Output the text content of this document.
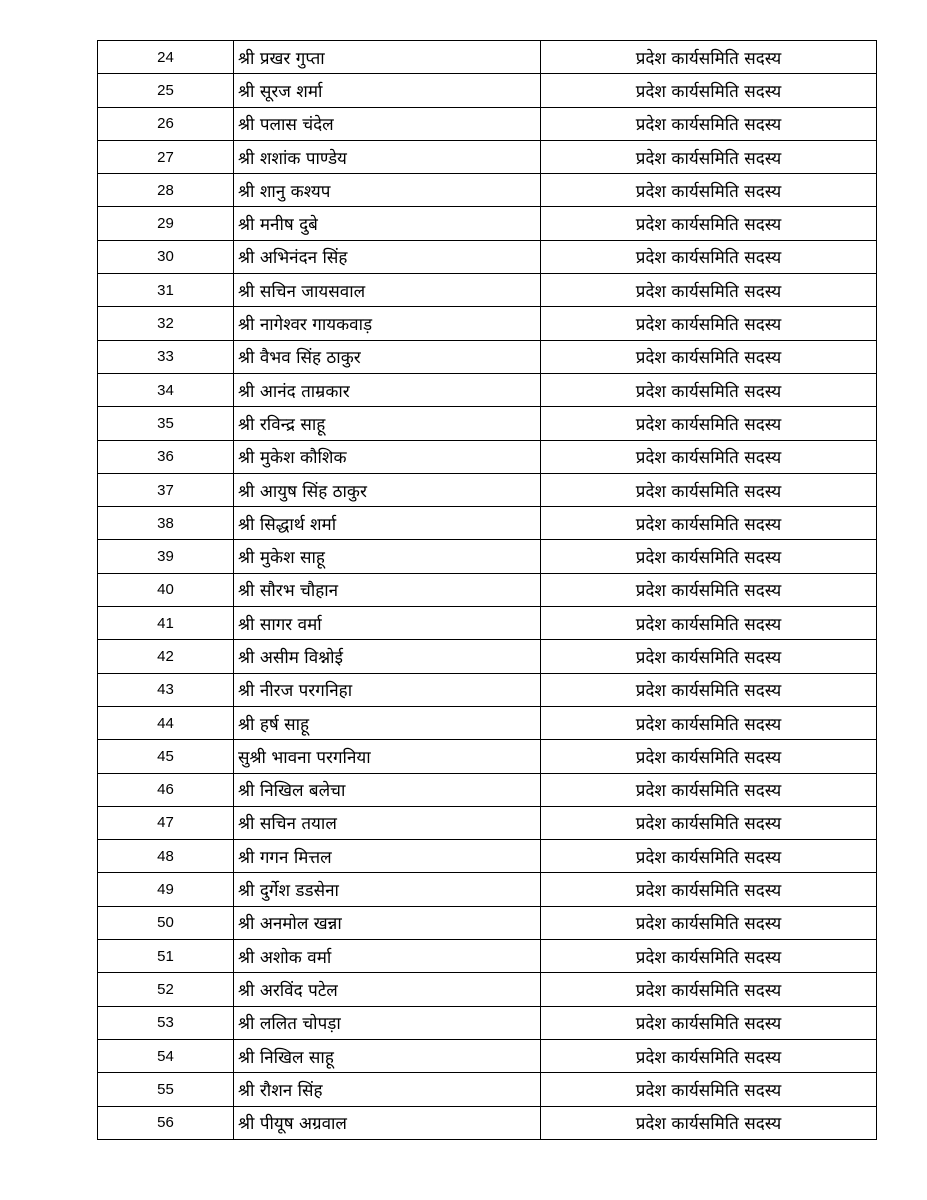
24	श्री प्रखर गुप्ता	प्रदेश कार्यसमिति सदस्य
25	श्री सूरज शर्मा	प्रदेश कार्यसमिति सदस्य
26	श्री पलास चंदेल	प्रदेश कार्यसमिति सदस्य
27	श्री शशांक पाण्डेय	प्रदेश कार्यसमिति सदस्य
28	श्री शानु कश्यप	प्रदेश कार्यसमिति सदस्य
29	श्री मनीष दुबे	प्रदेश कार्यसमिति सदस्य
30	श्री अभिनंदन सिंह	प्रदेश कार्यसमिति सदस्य
31	श्री सचिन जायसवाल	प्रदेश कार्यसमिति सदस्य
32	श्री नागेश्वर गायकवाड़	प्रदेश कार्यसमिति सदस्य
33	श्री वैभव सिंह ठाकुर	प्रदेश कार्यसमिति सदस्य
34	श्री आनंद ताम्रकार	प्रदेश कार्यसमिति सदस्य
35	श्री रविन्द्र साहू	प्रदेश कार्यसमिति सदस्य
36	श्री मुकेश कौशिक	प्रदेश कार्यसमिति सदस्य
37	श्री आयुष सिंह ठाकुर	प्रदेश कार्यसमिति सदस्य
38	श्री सिद्धार्थ शर्मा	प्रदेश कार्यसमिति सदस्य
39	श्री मुकेश साहू	प्रदेश कार्यसमिति सदस्य
40	श्री सौरभ चौहान	प्रदेश कार्यसमिति सदस्य
41	श्री सागर वर्मा	प्रदेश कार्यसमिति सदस्य
42	श्री असीम विश्नोई	प्रदेश कार्यसमिति सदस्य
43	श्री नीरज परगनिहा	प्रदेश कार्यसमिति सदस्य
44	श्री हर्ष साहू	प्रदेश कार्यसमिति सदस्य
45	सुश्री भावना परगनिया	प्रदेश कार्यसमिति सदस्य
46	श्री निखिल बलेचा	प्रदेश कार्यसमिति सदस्य
47	श्री सचिन तयाल	प्रदेश कार्यसमिति सदस्य
48	श्री गगन मित्तल	प्रदेश कार्यसमिति सदस्य
49	श्री दुर्गेश डडसेना	प्रदेश कार्यसमिति सदस्य
50	श्री अनमोल खन्ना	प्रदेश कार्यसमिति सदस्य
51	श्री अशोक वर्मा	प्रदेश कार्यसमिति सदस्य
52	श्री अरविंद पटेल	प्रदेश कार्यसमिति सदस्य
53	श्री ललित चोपड़ा	प्रदेश कार्यसमिति सदस्य
54	श्री निखिल साहू	प्रदेश कार्यसमिति सदस्य
55	श्री रौशन सिंह	प्रदेश कार्यसमिति सदस्य
56	श्री पीयूष अग्रवाल	प्रदेश कार्यसमिति सदस्य
